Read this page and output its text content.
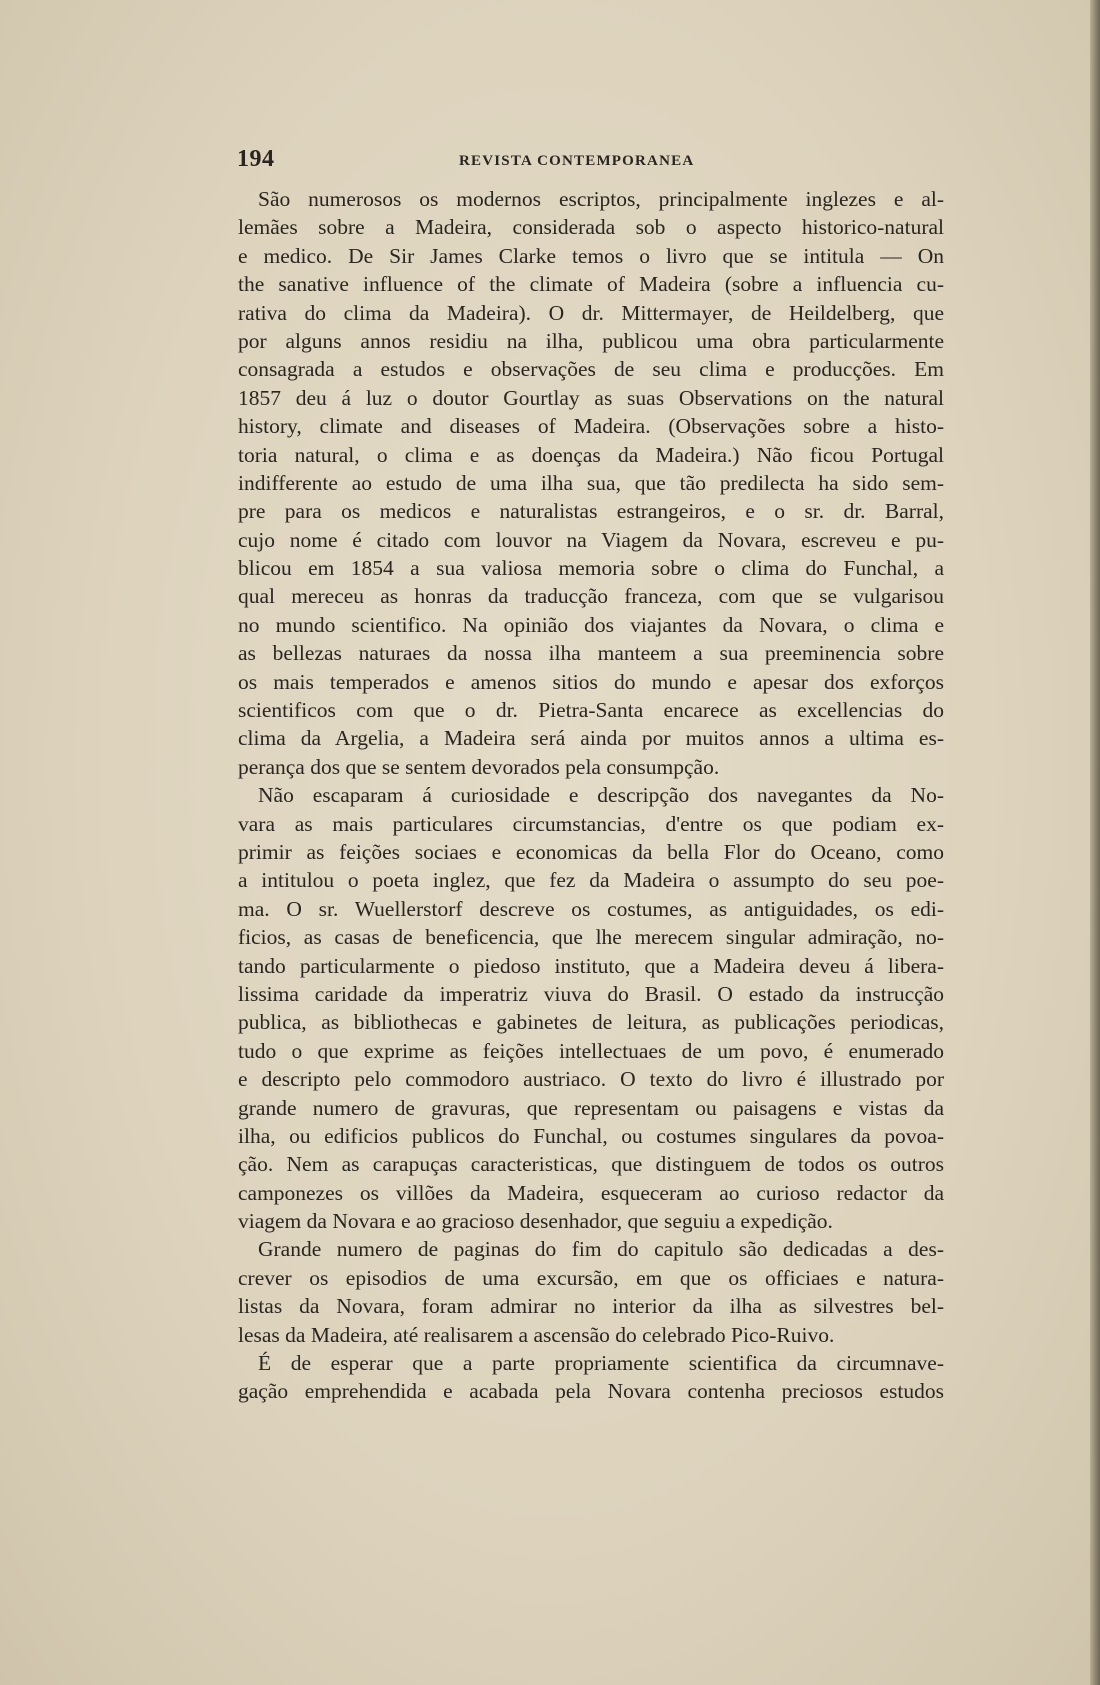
194	REVISTA CONTEMPORANEA
São numerosos os modernos escriptos, principalmente inglezes e al-
lemães sobre a Madeira, considerada sob o aspecto historico-natural
e medico. De Sir James Clarke temos o livro que se intitula — On
the sanative influence of the climate of Madeira (sobre a influencia cu-
rativa do clima da Madeira). O dr. Mittermayer, de Heildelberg, que
por alguns annos residiu na ilha, publicou uma obra particularmente
consagrada a estudos e observações de seu clima e producções. Em
1857 deu á luz o doutor Gourtlay as suas Observations on the natural
history, climate and diseases of Madeira. (Observações sobre a histo-
toria natural, o clima e as doenças da Madeira.) Não ficou Portugal
indifferente ao estudo de uma ilha sua, que tão predilecta ha sido sem-
pre para os medicos e naturalistas estrangeiros, e o sr. dr. Barral,
cujo nome é citado com louvor na Viagem da Novara, escreveu e pu-
blicou em 1854 a sua valiosa memoria sobre o clima do Funchal, a
qual mereceu as honras da traducção franceza, com que se vulgarisou
no mundo scientifico. Na opinião dos viajantes da Novara, o clima e
as bellezas naturaes da nossa ilha manteem a sua preeminencia sobre
os mais temperados e amenos sitios do mundo e apesar dos exforços
scientificos com que o dr. Pietra-Santa encarece as excellencias do
clima da Argelia, a Madeira será ainda por muitos annos a ultima es-
perança dos que se sentem devorados pela consumpção.
Não escaparam á curiosidade e descripção dos navegantes da No-
vara as mais particulares circumstancias, d'entre os que podiam ex-
primir as feições sociaes e economicas da bella Flor do Oceano, como
a intitulou o poeta inglez, que fez da Madeira o assumpto do seu poe-
ma. O sr. Wuellerstorf descreve os costumes, as antiguidades, os edi-
ficios, as casas de beneficencia, que lhe merecem singular admiração, no-
tando particularmente o piedoso instituto, que a Madeira deveu á libera-
lissima caridade da imperatriz viuva do Brasil. O estado da instrucção
publica, as bibliothecas e gabinetes de leitura, as publicações periodicas,
tudo o que exprime as feições intellectuaes de um povo, é enumerado
e descripto pelo commodoro austriaco. O texto do livro é illustrado por
grande numero de gravuras, que representam ou paisagens e vistas da
ilha, ou edificios publicos do Funchal, ou costumes singulares da povoa-
ção. Nem as carapuças caracteristicas, que distinguem de todos os outros
camponezes os villões da Madeira, esqueceram ao curioso redactor da
viagem da Novara e ao gracioso desenhador, que seguiu a expedição.
Grande numero de paginas do fim do capitulo são dedicadas a des-
crever os episodios de uma excursão, em que os officiaes e natura-
listas da Novara, foram admirar no interior da ilha as silvestres bel-
lesas da Madeira, até realisarem a ascensão do celebrado Pico-Ruivo.
É de esperar que a parte propriamente scientifica da circumnave-
gação emprehendida e acabada pela Novara contenha preciosos estudos
